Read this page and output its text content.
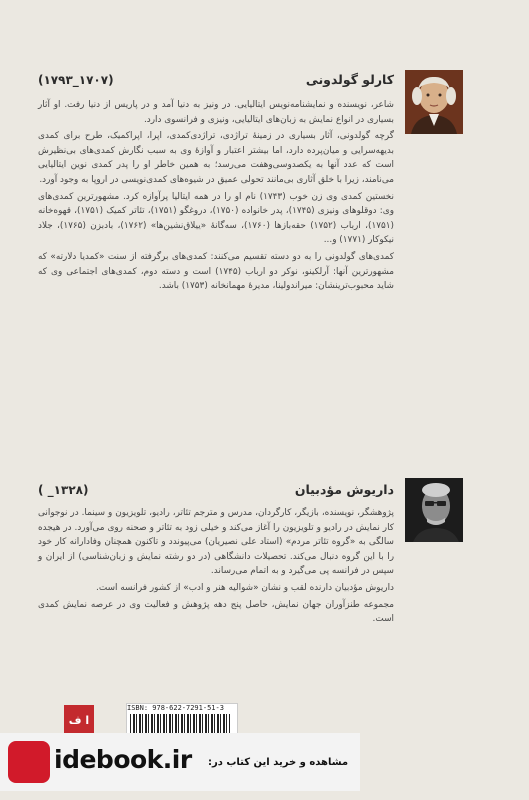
(۱۷۰۷_۱۷۹۳)	کارلو گولدونی

شاعر، نویسنده و نمایشنامه‌نویس ایتالیایی. در ونیز به دنیا آمد و در پاریس از دنیا رفت. او آثار بسیاری در انواع نمایش به زبان‌های ایتالیایی، ونیزی و فرانسوی دارد.

گرچه گولدونی، آثار بسیاری در زمینهٔ تراژدی، تراژدی‌کمدی، اپرا، اپرا‌کمیک، طرح برای کمدی بدیهه‌سرایی و میان‌پرده دارد، اما بیشتر اعتبار و آوازهٔ وی به سبب نگارش کمدی‌های بی‌نظیرش است که عدد آنها به یکصدوسی‌وهفت می‌رسد؛ به همین خاطر او را پدر کمدی نوین ایتالیایی می‌نامند، زیرا با خلق آثاری بی‌مانند تحولی عمیق در شیوه‌های کمدی‌نویسی در اروپا به وجود آورد.

نخستین کمدی وی زن خوب (۱۷۴۳) نام او را در همه ایتالیا پرآوازه کرد. مشهورترین کمدی‌های وی: دوقلوهای ونیزی (۱۷۴۵)، پدر خانواده (۱۷۵۰)، دروغگو (۱۷۵۱)، تئاتر کمیک (۱۷۵۱)، قهوه‌خانه (۱۷۵۱)، ارباب (۱۷۵۲) حقه‌بازها (۱۷۶۰)، سه‌گانهٔ «ییلاق‌نشین‌ها» (۱۷۶۲)، بادبزن (۱۷۶۵)، جلاد نیکوکار (۱۷۷۱) و...

کمدی‌های گولدونی را به دو دسته تقسیم می‌کنند: کمدی‌های برگرفته از سنت «کمدیا دلارته» که مشهورترین آنها: آرلکینو، نوکر دو ارباب (۱۷۴۵) است و دسته دوم، کمدی‌های اجتماعی وی که شاید محبوب‌ترینشان: میراندولینا، مدیرهٔ مهمانخانه (۱۷۵۳) باشد.

(۱۳۲۸_ )	داریوش مؤدبیان

پژوهشگر، نویسنده، بازیگر، کارگردان، مدرس و مترجم تئاتر، رادیو، تلویزیون و سینما. در نوجوانی کار نمایش در رادیو و تلویزیون را آغاز می‌کند و خیلی زود به تئاتر و صحنه روی می‌آورد. در هیجده سالگی به «گروه تئاتر مردم» (استاد علی نصیریان) می‌پیوندد و تاکنون همچنان وفادارانه کار خود را با این گروه دنبال می‌کند. تحصیلات دانشگاهی (در دو رشته نمایش و زبان‌شناسی) از ایران و سپس در فرانسه پی می‌گیرد و به اتمام می‌رساند.

داریوش مؤدبیان دارنده لقب و نشان «شوالیه هنر و ادب» از کشور فرانسه است.

مجموعه طنزآوران جهان نمایش، حاصل پنج دهه پژوهش و فعالیت وی در عرصه نمایش کمدی است.

ا ف
ISBN: 978-622-7291-51-3
idebook.ir مشاهده و خرید این کتاب در:
